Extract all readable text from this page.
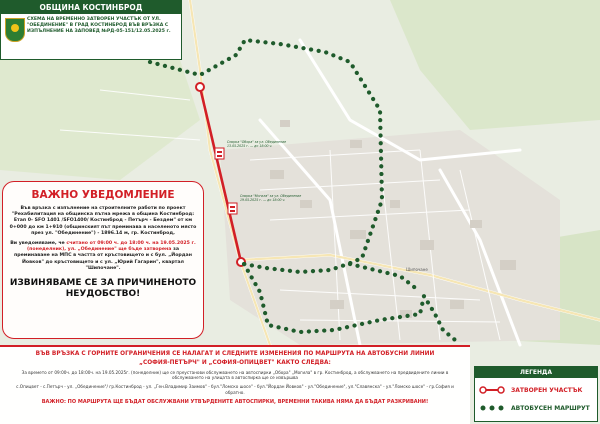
ОБЩИНА КОСТИНБРОД
СХЕМА НА ВРЕМЕННО ЗАТВОРЕН УЧАСТЪК ОТ УЛ. "ОБЕДИНЕНИЕ" В ГРАД КОСТИНБРОД ВЪВ ВРЪЗКА С ИЗПЪЛНЕНИЕ НА ЗАПОВЕД №РД-05-151/12.05.2025 г.
Спирка "Обора" за ул. Обединение 13.05.2025 г. — до 18:00 ч.
Спирка "Могила" за ул. Обединение 19.05.2025 г. — до 18:00 ч.
Шипочане
ВАЖНО УВЕДОМЛЕНИЕ
Във връзка с изпълнение на строителните работи по проект "Рехабилитация на общинска пътна мрежа в община Костинброд: Етап 0- SFO 1401 /SFO1400/ Костинброд - Петърч - Бездем" от км 0+000 до км 1+910 (общинският път преминава в населеното място през ул. "Обединение") - 1896.14 м, гр. Костинброд,
Ви уведомяваме, че считано от 09:00 ч. до 18:00 ч. на 19.05.2025 г. (понеделник), ул. „Обединение" ще бъде затворена за преминаване на МПС в частта от кръстовището и с бул. „Йордан Йовков" до кръстовището и с ул. „Юрий Гагарин", квартал "Шипочане".
ИЗВИНЯВАМЕ СЕ ЗА ПРИЧИНЕНОТО НЕУДОБСТВО!
ВЪВ ВРЪЗКА С ГОРНИТЕ ОГРАНИЧЕНИЯ СЕ НАЛАГАТ И СЛЕДНИТЕ ИЗМЕНЕНИЯ ПО МАРШРУТА НА АВТОБУСНИ ЛИНИИ
„СОФИЯ-ПЕТЪРЧ" И „СОФИЯ-ОПИЦВЕТ" КАКТО СЛЕДВА:
За времето от 09:00ч. до 18:00ч. на 19.05.2025г. (понеделник) ще се преустанови обслужването на автоспирки „Обора" „Могила" в гр. Костинброд, а обслужването на предвидените линии в обслужването на улицата в автоспирка ще се извършва
с.Опицвет - с.Петърч - ул. „Обединение"/ гр.Костинброд - ул. „Ген.Владимир Заимов" - бул."Ломско шосе" - бул."Йордан Йовков" - ул."Обединение", ул."Славянска" - ул."Ломско шосе" - гр.София и обратно.
ВАЖНО: ПО МАРШРУТА ЩЕ БЪДАТ ОБСЛУЖВАНИ УТВЪРДЕНИТЕ АВТОСПИРКИ, ВРЕМЕННИ ТАКИВА НЯМА ДА БЪДАТ РАЗКРИВАНИ!
ЛЕГЕНДА
ЗАТВОРЕН УЧАСТЪК
АВТОБУСЕН МАРШРУТ
